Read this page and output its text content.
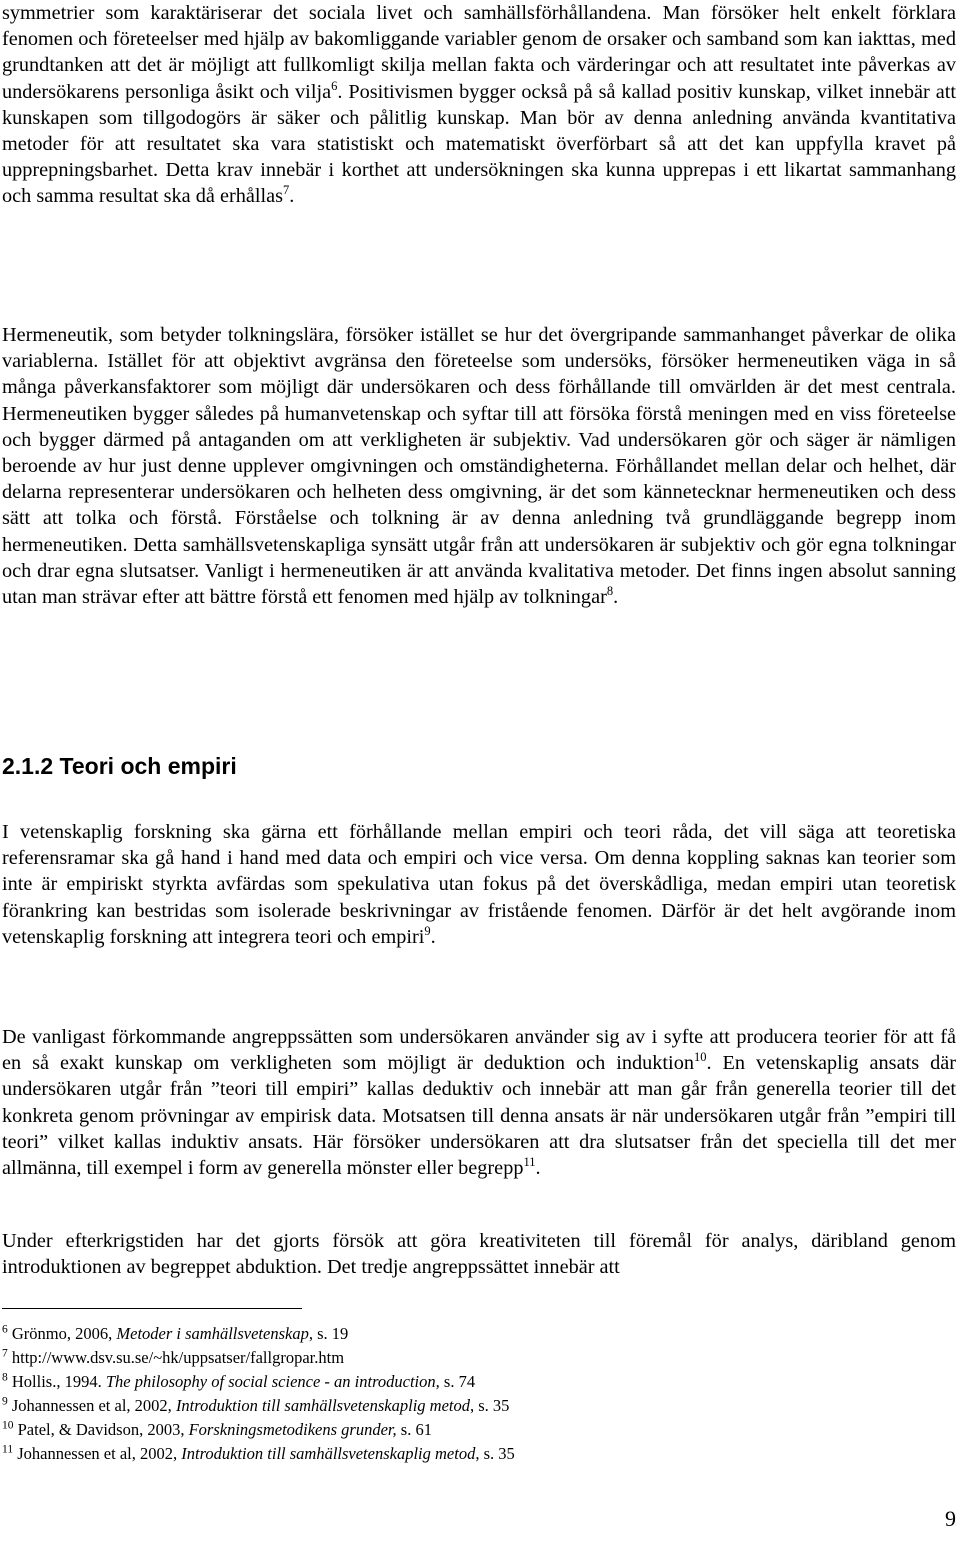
symmetrier som karaktäriserar det sociala livet och samhällsförhållandena. Man försöker helt enkelt förklara fenomen och företeelser med hjälp av bakomliggande variabler genom de orsaker och samband som kan iakttas, med grundtanken att det är möjligt att fullkomligt skilja mellan fakta och värderingar och att resultatet inte påverkas av undersökarens personliga åsikt och vilja$^6$. Positivismen bygger också på så kallad positiv kunskap, vilket innebär att kunskapen som tillgodogörs är säker och pålitlig kunskap. Man bör av denna anledning använda kvantitativa metoder för att resultatet ska vara statistiskt och matematiskt överförbart så att det kan uppfylla kravet på upprepningsbarhet. Detta krav innebär i korthet att undersökningen ska kunna upprepas i ett likartat sammanhang och samma resultat ska då erhållas$^7$.

Hermeneutik, som betyder tolkningslära, försöker istället se hur det övergripande sammanhanget påverkar de olika variablerna. Istället för att objektivt avgränsa den företeelse som undersöks, försöker hermeneutiken väga in så många påverkansfaktorer som möjligt där undersökaren och dess förhållande till omvärlden är det mest centrala. Hermeneutiken bygger således på humanvetenskap och syftar till att försöka förstå meningen med en viss företeelse och bygger därmed på antaganden om att verkligheten är subjektiv. Vad undersökaren gör och säger är nämligen beroende av hur just denne upplever omgivningen och omständigheterna. Förhållandet mellan delar och helhet, där delarna representerar undersökaren och helheten dess omgivning, är det som kännetecknar hermeneutiken och dess sätt att tolka och förstå. Förståelse och tolkning är av denna anledning två grundläggande begrepp inom hermeneutiken. Detta samhällsvetenskapliga synsätt utgår från att undersökaren är subjektiv och gör egna tolkningar och drar egna slutsatser. Vanligt i hermeneutiken är att använda kvalitativa metoder. Det finns ingen absolut sanning utan man strävar efter att bättre förstå ett fenomen med hjälp av tolkningar$^8$.

2.1.2 Teori och empiri

I vetenskaplig forskning ska gärna ett förhållande mellan empiri och teori råda, det vill säga att teoretiska referensramar ska gå hand i hand med data och empiri och vice versa. Om denna koppling saknas kan teorier som inte är empiriskt styrkta avfärdas som spekulativa utan fokus på det överskådliga, medan empiri utan teoretisk förankring kan bestridas som isolerade beskrivningar av fristående fenomen. Därför är det helt avgörande inom vetenskaplig forskning att integrera teori och empiri$^9$.

De vanligast förkommande angreppssätten som undersökaren använder sig av i syfte att producera teorier för att få en så exakt kunskap om verkligheten som möjligt är deduktion och induktion$^{10}$. En vetenskaplig ansats där undersökaren utgår från ”teori till empiri” kallas deduktiv och innebär att man går från generella teorier till det konkreta genom prövningar av empirisk data. Motsatsen till denna ansats är när undersökaren utgår från ”empiri till teori” vilket kallas induktiv ansats. Här försöker undersökaren att dra slutsatser från det speciella till det mer allmänna, till exempel i form av generella mönster eller begrepp$^{11}$.

Under efterkrigstiden har det gjorts försök att göra kreativiteten till föremål för analys, däribland genom introduktionen av begreppet abduktion. Det tredje angreppssättet innebär att

$^6$ Grönmo, 2006, Metoder i samhällsvetenskap, s. 19
$^7$ http://www.dsv.su.se/~hk/uppsatser/fallgropar.htm
$^8$ Hollis., 1994. The philosophy of social science - an introduction, s. 74
$^9$ Johannessen et al, 2002, Introduktion till samhällsvetenskaplig metod, s. 35
$^{10}$ Patel, & Davidson, 2003, Forskningsmetodikens grunder, s. 61
$^{11}$ Johannessen et al, 2002, Introduktion till samhällsvetenskaplig metod, s. 35
9
